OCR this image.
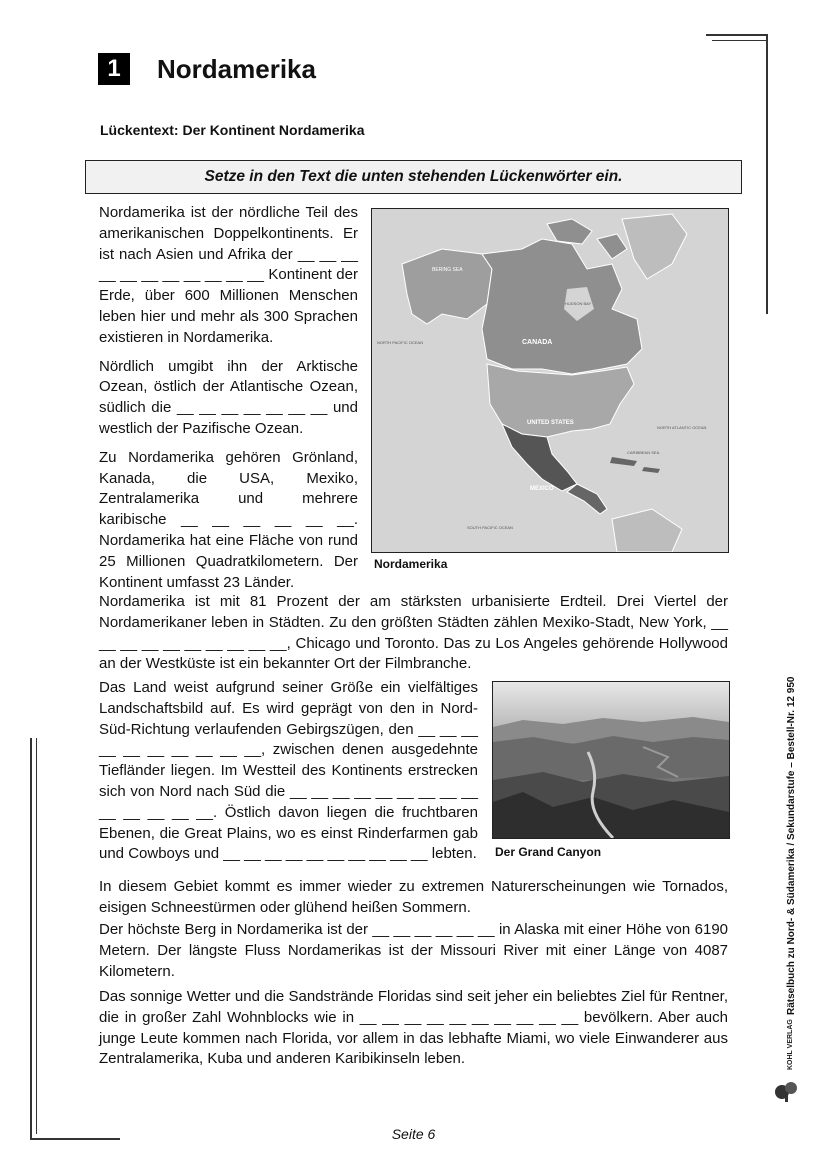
1	Nordamerika
Lückentext: Der Kontinent Nordamerika
Setze in den Text die unten stehenden Lückenwörter ein.

Nordamerika ist der nördliche Teil des amerikanischen Doppelkontinents. Er ist nach Asien und Afrika der __ __ __ __ __ __ __ __ __ __ __ Kontinent der Erde, über 600 Millionen Menschen leben hier und mehr als 300 Sprachen existieren in Nordamerika.

Nördlich umgibt ihn der Arktische Ozean, östlich der Atlantische Ozean, südlich die __ __ __ __ __ __ __ und westlich der Pazifische Ozean.

Zu Nordamerika gehören Grönland, Kanada, die USA, Mexiko, Zentralamerika und mehrere karibische __ __ __ __ __ __. Nordamerika hat eine Fläche von rund 25 Millionen Quadratkilometern. Der Kontinent umfasst 23 Länder.

BERING SEA
CANADA
UNITED STATES
MEXICO
NORTH PACIFIC OCEAN
NORTH ATLANTIC OCEAN
HUDSON BAY
CARIBBEAN SEA
SOUTH PACIFIC OCEAN
Nordamerika

Nordamerika ist mit 81 Prozent der am stärksten urbanisierte Erdteil. Drei Viertel der Nordamerikaner leben in Städten. Zu den größten Städten zählen Mexiko-Stadt, New York, __ __ __ __ __ __ __ __ __ __, Chicago und Toronto. Das zu Los Angeles gehörende Hollywood an der Westküste ist ein bekannter Ort der Filmbranche.

Das Land weist aufgrund seiner Größe ein vielfältiges Landschaftsbild auf. Es wird geprägt von den in Nord-Süd-Richtung verlaufenden Gebirgszügen, den __ __ __ __ __ __ __ __ __ __, zwischen denen ausgedehnte Tiefländer liegen. Im Westteil des Kontinents erstrecken sich von Nord nach Süd die __ __ __ __ __ __ __ __ __ __ __ __ __ __. Östlich davon liegen die fruchtbaren Ebenen, die Great Plains, wo es einst Rinderfarmen gab und Cowboys und __ __ __ __ __ __ __ __ __ __ lebten. Der Grand Canyon

In diesem Gebiet kommt es immer wieder zu extremen Naturerscheinungen wie Tornados, eisigen Schneestürmen oder glühend heißen Sommern.

Der höchste Berg in Nordamerika ist der __ __ __ __ __ __ in Alaska mit einer Höhe von 6190 Metern. Der längste Fluss Nordamerikas ist der Missouri River mit einer Länge von 4087 Kilometern.

Das sonnige Wetter und die Sandstrände Floridas sind seit jeher ein beliebtes Ziel für Rentner, die in großer Zahl Wohnblocks wie in __ __ __ __ __ __ __ __ __ __ bevölkern. Aber auch junge Leute kommen nach Florida, vor allem in das lebhafte Miami, wo viele Einwanderer aus Zentralamerika, Kuba und anderen Karibikinseln leben.

Rätselbuch zu Nord- & Südamerika / Sekundarstufe – Bestell-Nr. 12 950
KOHL VERLAG
Seite 6
